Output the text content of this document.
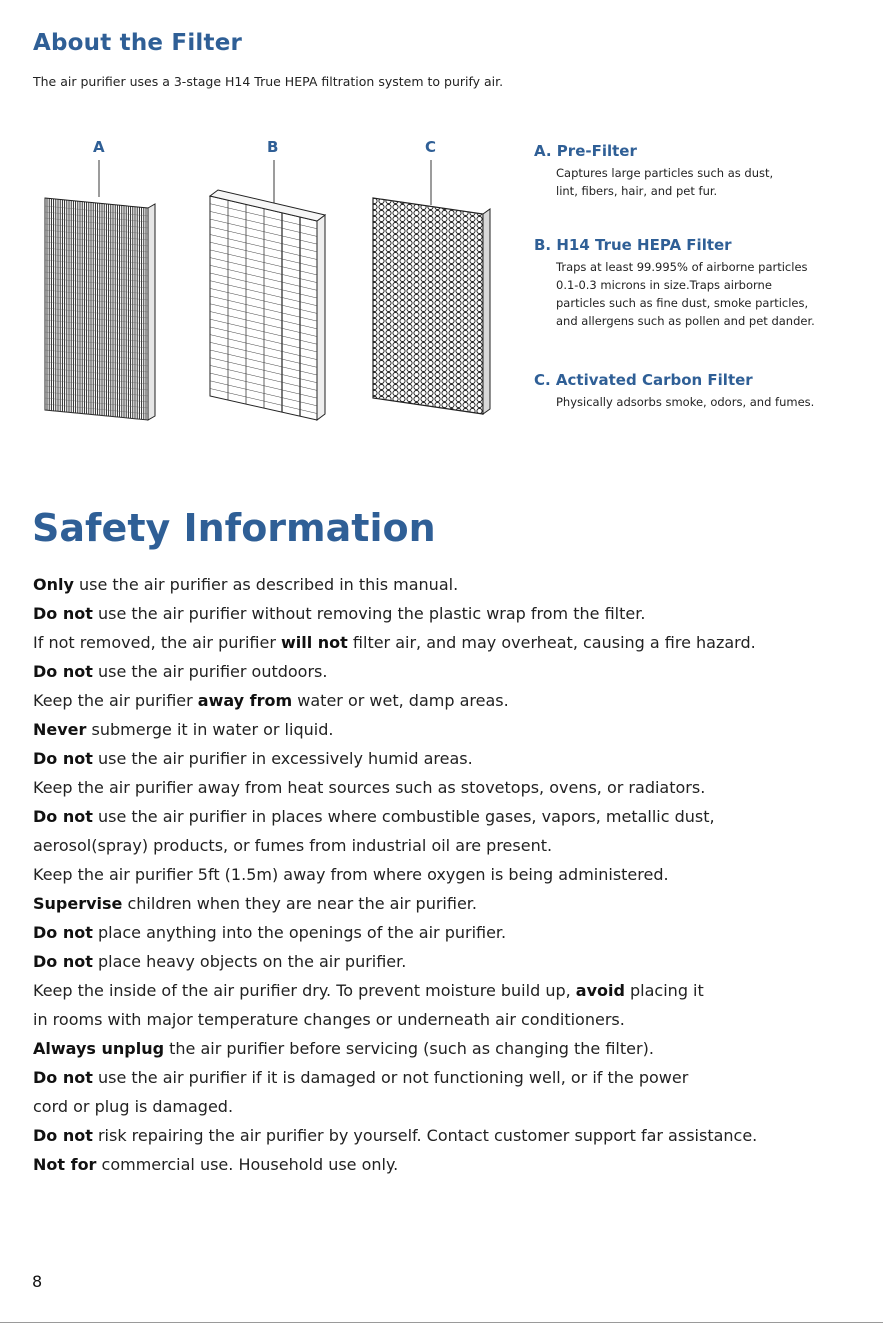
About the Filter

The air purifier uses a 3-stage H14 True HEPA filtration system to purify air.

A	B	C	A. Pre-Filter

Captures large particles such as dust,
lint, fibers, hair, and pet fur.

B. H14 True HEPA Filter

Traps at least 99.995% of airborne particles
0.1-0.3 microns in size.Traps airborne
particles such as fine dust, smoke particles,
and allergens such as pollen and pet dander.

C. Activated Carbon Filter

Physically adsorbs smoke, odors, and fumes.

Safety Information
Only use the air purifier as described in this manual.
Do not use the air purifier without removing the plastic wrap from the filter.
If not removed, the air purifier will not filter air, and may overheat, causing a fire hazard.
Do not use the air purifier outdoors.
Keep the air purifier away from water or wet, damp areas.
Never submerge it in water or liquid.
Do not use the air purifier in excessively humid areas.
Keep the air purifier away from heat sources such as stovetops, ovens, or radiators.
Do not use the air purifier in places where combustible gases, vapors, metallic dust,
aerosol(spray) products, or fumes from industrial oil are present.
Keep the air purifier 5ft (1.5m) away from where oxygen is being administered.
Supervise children when they are near the air purifier.
Do not place anything into the openings of the air purifier.
Do not place heavy objects on the air purifier.
Keep the inside of the air purifier dry. To prevent moisture build up, avoid placing it
in rooms with major temperature changes or underneath air conditioners.
Always unplug the air purifier before servicing (such as changing the filter).
Do not use the air purifier if it is damaged or not functioning well, or if the power
cord or plug is damaged.
Do not risk repairing the air purifier by yourself. Contact customer support far assistance.
Not for commercial use. Household use only.
8
